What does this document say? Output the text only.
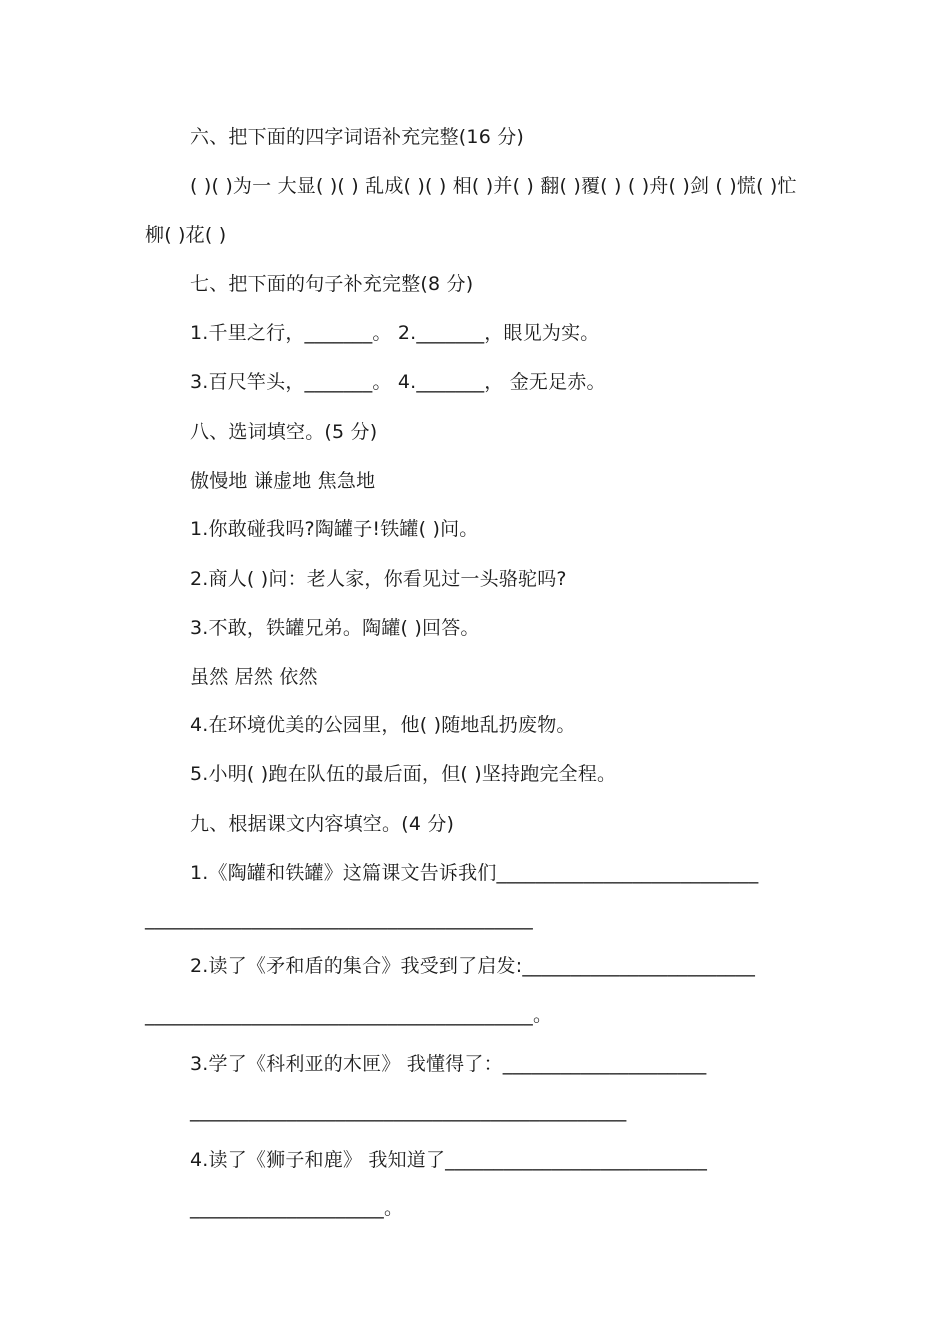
六、把下面的四字词语补充完整(16 分)
( )( )为一 大显( )( ) 乱成( )( ) 相( )并( ) 翻( )覆( ) ( )舟( )剑 ( )慌( )忙
柳( )花( )
七、把下面的句子补充完整(8 分)
1.千里之行，_______。 2._______，眼见为实。
3.百尺竿头，_______。 4._______， 金无足赤。
八、选词填空。(5 分)
傲慢地 谦虚地 焦急地
1.你敢碰我吗?陶罐子!铁罐( )问。
2.商人( )问：老人家，你看见过一头骆驼吗?
3.不敢，铁罐兄弟。陶罐( )回答。
虽然 居然 依然
4.在环境优美的公园里，他( )随地乱扔废物。
5.小明( )跑在队伍的最后面，但( )坚持跑完全程。
九、根据课文内容填空。(4 分)
1.《陶罐和铁罐》这篇课文告诉我们___________________________
________________________________________
2.读了《矛和盾的集合》我受到了启发:________________________
________________________________________。
3.学了《科利亚的木匣》 我懂得了：_____________________
_____________________________________________
4.读了《狮子和鹿》 我知道了___________________________
____________________。
